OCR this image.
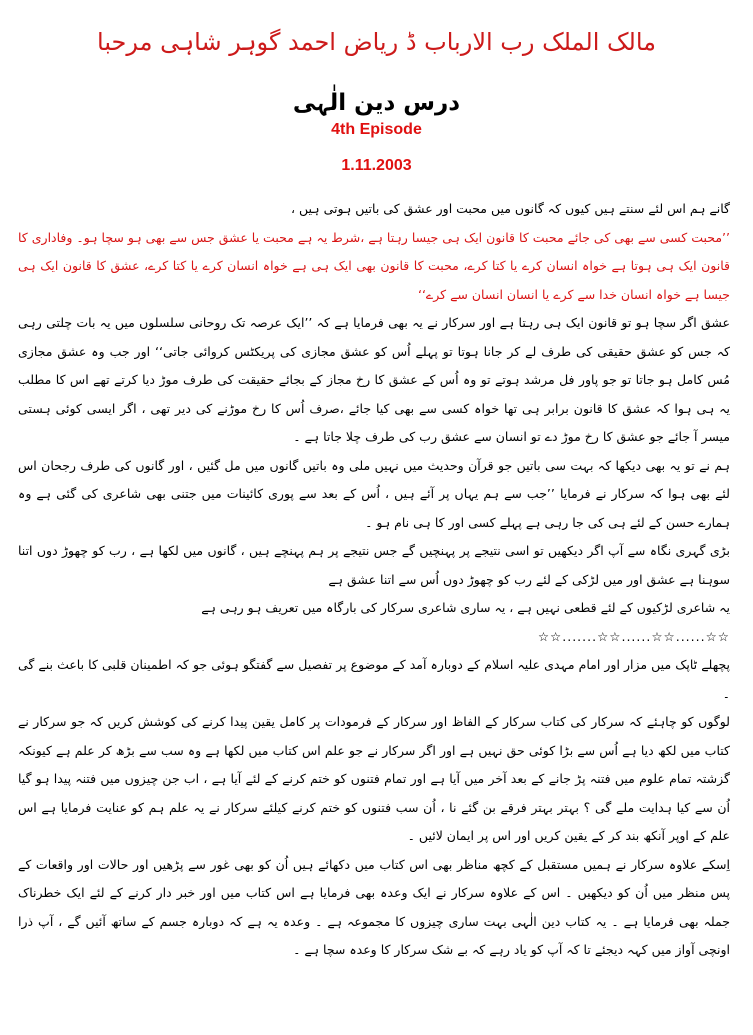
مالک الملک رب الارباب ڈ ریاض احمد گوہر شاہی مرحبا
درس دین الٰہی
4th Episode
1.11.2003

گانے ہم اس لئے سنتے ہیں کیوں کہ گانوں میں محبت اور عشق کی باتیں ہوتی ہیں ،

’’محبت کسی سے بھی کی جائے محبت کا قانون ایک ہی جیسا رہتا ہے ،شرط یہ ہے محبت یا عشق جس سے بھی ہو سچا ہو۔ وفاداری کا قانون ایک ہی ہوتا ہے خواہ انسان کرے یا کتا کرے، محبت کا قانون بھی ایک ہی ہے خواہ انسان کرے یا کتا کرے، عشق کا قانون ایک ہی جیسا ہے خواہ انسان خدا سے کرے یا انسان انسان سے کرے‘‘

عشق اگر سچا ہو تو قانون ایک ہی رہتا ہے اور سرکار نے یہ بھی فرمایا ہے کہ ’’ایک عرصہ تک روحانی سلسلوں میں یہ بات چلتی رہی کہ جس کو عشق حقیقی کی طرف لے کر جانا ہوتا تو پہلے اُس کو عشق مجازی کی پریکٹس کروائی جاتی‘‘ اور جب وہ عشق مجازی مُس کامل ہو جاتا تو جو پاور فل مرشد ہوتے تو وہ اُس کے عشق کا رخ مجاز کے بجائے حقیقت کی طرف موڑ دیا کرتے تھے اس کا مطلب یہ ہی ہوا کہ عشق کا قانون برابر ہی تھا خواہ کسی سے بھی کیا جائے ،صرف اُس کا رخ موڑنے کی دیر تھی ، اگر ایسی کوئی ہستی میسر آ جائے جو عشق کا رخ موڑ دے تو انسان سے عشق رب کی طرف چلا جاتا ہے ۔

ہم نے تو یہ بھی دیکھا کہ بہت سی باتیں جو قرآن وحدیث میں نہیں ملی وہ باتیں گانوں میں مل گئیں ، اور گانوں کی طرف رجحان اس لئے بھی ہوا کہ سرکار نے فرمایا ’’جب سے ہم یہاں پر آئے ہیں ، اُس کے بعد سے پوری کائینات میں جتنی بھی شاعری کی گئی ہے وہ ہمارے حسن کے لئے ہی کی جا رہی ہے پہلے کسی اور کا ہی نام ہو ۔

بڑی گہری نگاہ سے آپ اگر دیکھیں تو اسی نتیجے پر پہنچیں گے جس نتیجے پر ہم پہنچے ہیں ، گانوں میں لکھا ہے ، رب کو چھوڑ دوں اتنا سوہنا ہے عشق اور میں لڑکی کے لئے رب کو چھوڑ دوں اُس سے اتنا عشق ہے

یہ شاعری لڑکیوں کے لئے قطعی نہیں ہے ، یہ ساری شاعری سرکار کی بارگاہ میں تعریف ہو رہی ہے

☆☆.......☆☆......☆☆......☆☆

پچھلے ٹاپک میں مزار اور امام مہدی علیہ اسلام کے دوبارہ آمد کے موضوع پر تفصیل سے گفتگو ہوئی جو کہ اطمینان قلبی کا باعث بنے گی ۔

لوگوں کو چاہئے کہ سرکار کی کتاب سرکار کے الفاظ اور سرکار کے فرمودات پر کامل یقین پیدا کرنے کی کوشش کریں کہ جو سرکار نے کتاب میں لکھ دیا ہے اُس سے بڑا کوئی حق نہیں ہے اور اگر سرکار نے جو علم اس کتاب میں لکھا ہے وہ سب سے بڑھ کر علم ہے کیونکہ گزشتہ تمام علوم میں فتنہ پڑ جانے کے بعد آخر میں آیا ہے اور تمام فتنوں کو ختم کرنے کے لئے آیا ہے ، اب جن چیزوں میں فتنہ پیدا ہو گیا اُن سے کیا ہدایت ملے گی ؟ بہتر بہتر فرقے بن گئے نا ، اُن سب فتنوں کو ختم کرنے کیلئے سرکار نے یہ علم ہم کو عنایت فرمایا ہے اس علم کے اوپر آنکھ بند کر کے یقین کریں اور اس پر ایمان لائیں ۔

اِسکے علاوہ سرکار نے ہمیں مستقبل کے کچھ مناظر بھی اس کتاب میں دکھائے ہیں اُن کو بھی غور سے پڑھیں اور حالات اور واقعات کے پس منظر میں اُن کو دیکھیں ۔ اس کے علاوہ سرکار نے ایک وعدہ بھی فرمایا ہے اس کتاب میں اور خبر دار کرنے کے لئے ایک خطرناک جملہ بھی فرمایا ہے ۔ یہ کتاب دین الٰہی بہت ساری چیزوں کا مجموعہ ہے ۔ وعدہ یہ ہے کہ دوبارہ جسم کے ساتھ آئیں گے ، آپ ذرا اونچی آواز میں کہہ دیجئے تا کہ آپ کو یاد رہے کہ بے شک سرکار کا وعدہ سچا ہے ۔
